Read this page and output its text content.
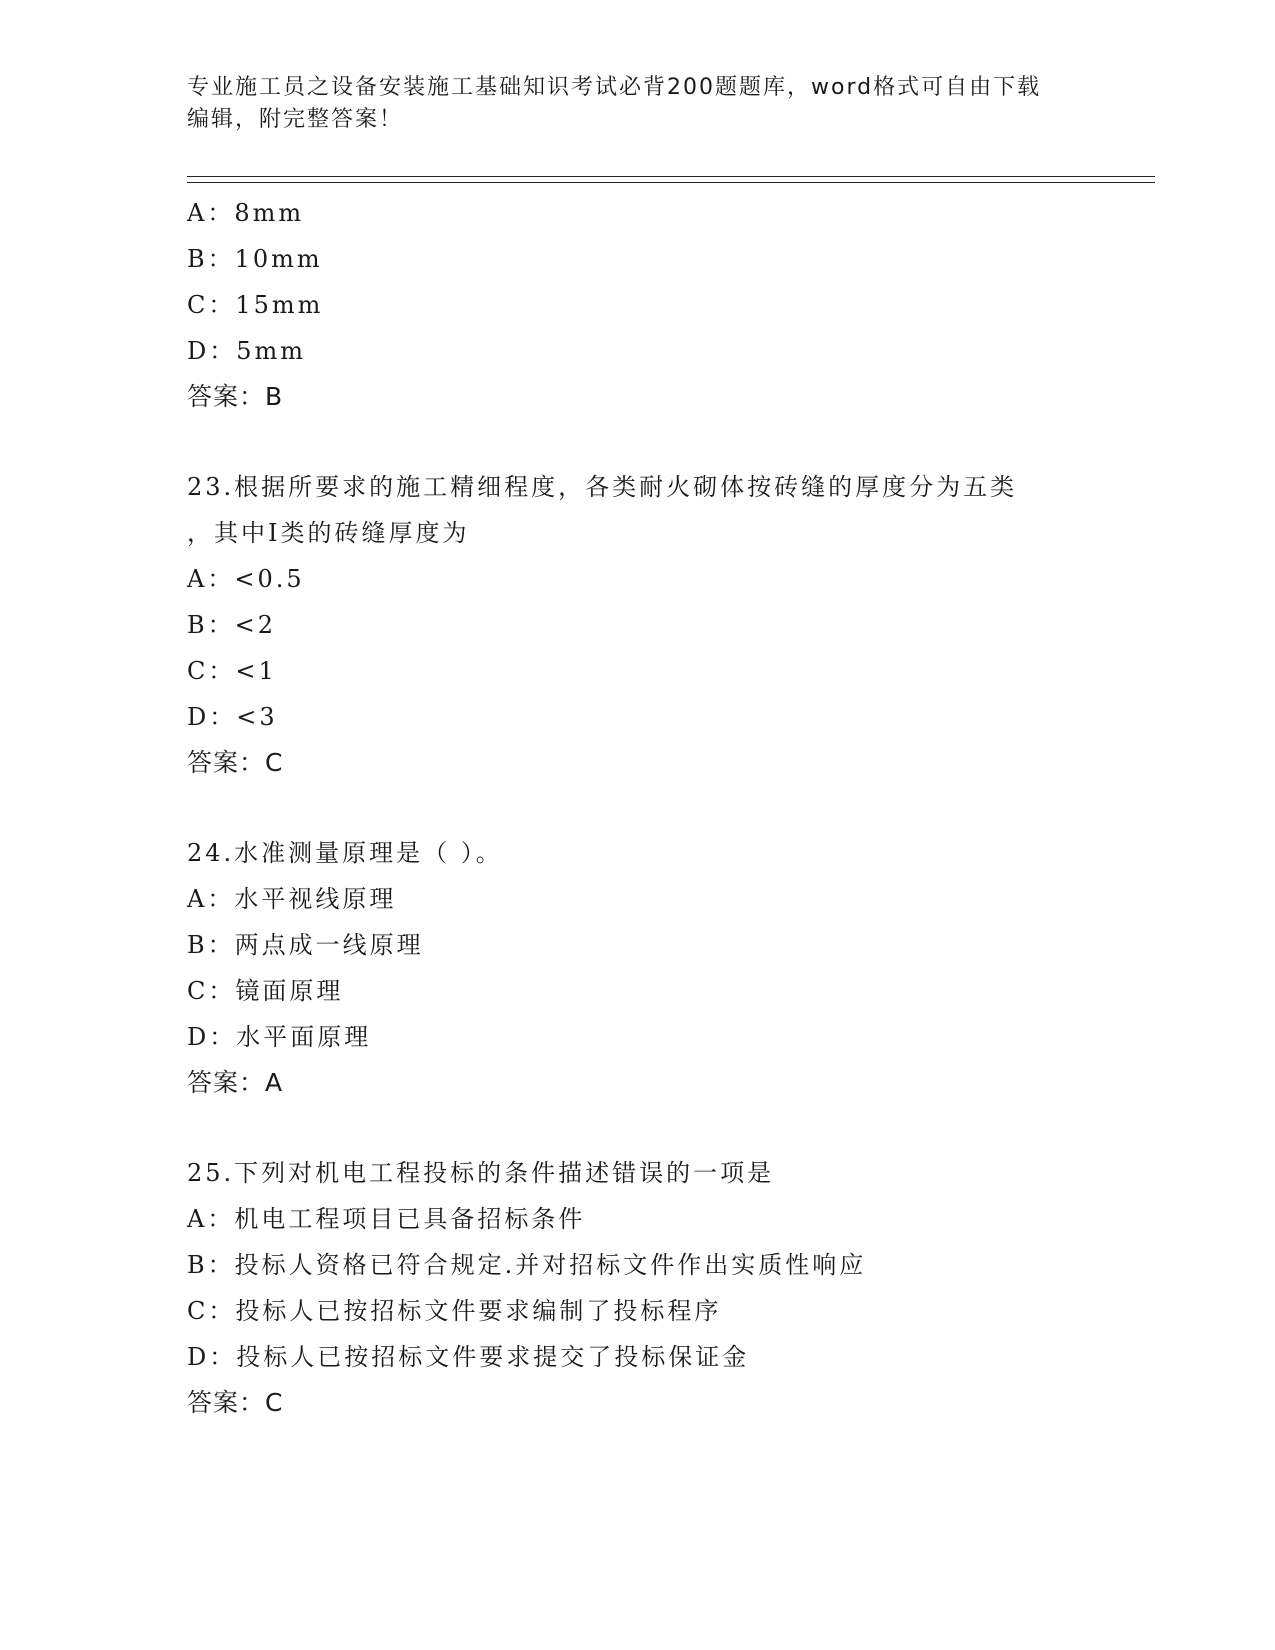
专业施工员之设备安装施工基础知识考试必背200题题库，word格式可自由下载
编辑，附完整答案！
A：8mm
B：10mm
C：15mm
D：5mm
答案：B
23.根据所要求的施工精细程度，各类耐火砌体按砖缝的厚度分为五类
，其中Ⅰ类的砖缝厚度为
A：<0.5
B：<2
C：<1
D：<3
答案：C
24.水准测量原理是（ ）。
A：水平视线原理
B：两点成一线原理
C：镜面原理
D：水平面原理
答案：A
25.下列对机电工程投标的条件描述错误的一项是
A：机电工程项目已具备招标条件
B：投标人资格已符合规定.并对招标文件作出实质性响应
C：投标人已按招标文件要求编制了投标程序
D：投标人已按招标文件要求提交了投标保证金
答案：C
